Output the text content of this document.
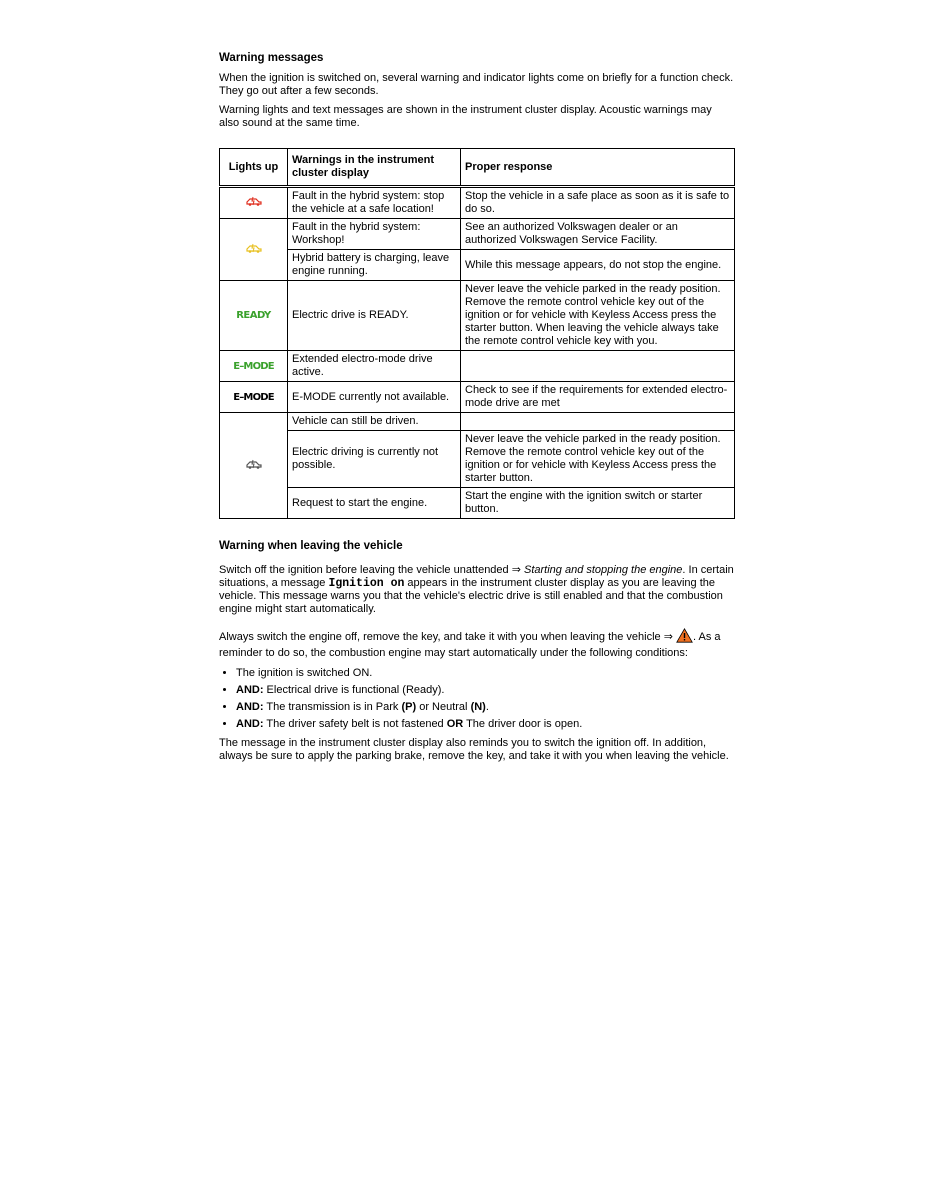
Warning messages

When the ignition is switched on, several warning and indicator lights come on briefly for a function check. They go out after a few seconds.

Warning lights and text messages are shown in the instrument cluster display. Acoustic warnings may also sound at the same time.

Lights up	Warnings in the instrument cluster display	Proper response
	Fault in the hybrid system: stop the vehicle at a safe location!	Stop the vehicle in a safe place as soon as it is safe to do so.
	Fault in the hybrid system: Workshop!	See an authorized Volkswagen dealer or an authorized Volkswagen Service Facility.
	Hybrid battery is charging, leave engine running.	While this message appears, do not stop the engine.
READY	Electric drive is READY.	Never leave the vehicle parked in the ready position. Remove the remote control vehicle key out of the ignition or for vehicle with Keyless Access press the starter button. When leaving the vehicle always take the remote control vehicle key with you.
E–MODE	Extended electro-mode drive active.	
E–MODE	E-MODE currently not available.	Check to see if the requirements for extended electro-mode drive are met
	Vehicle can still be driven.	
	Electric driving is currently not possible.	Never leave the vehicle parked in the ready position. Remove the remote control vehicle key out of the ignition or for vehicle with Keyless Access press the starter button.
	Request to start the engine.	Start the engine with the ignition switch or starter button.
Warning when leaving the vehicle

Switch off the ignition before leaving the vehicle unattended ⇒ Starting and stopping the engine. In certain situations, a message Ignition on appears in the instrument cluster display as you are leaving the vehicle. This message warns you that the vehicle's electric drive is still enabled and that the combustion engine might start automatically.

Always switch the engine off, remove the key, and take it with you when leaving the vehicle ⇒ . As a reminder to do so, the combustion engine may start automatically under the following conditions:

• The ignition is switched ON.
• AND: Electrical drive is functional (Ready).
• AND: The transmission is in Park (P) or Neutral (N).
• AND: The driver safety belt is not fastened OR The driver door is open.

The message in the instrument cluster display also reminds you to switch the ignition off. In addition, always be sure to apply the parking brake, remove the key, and take it with you when leaving the vehicle.
